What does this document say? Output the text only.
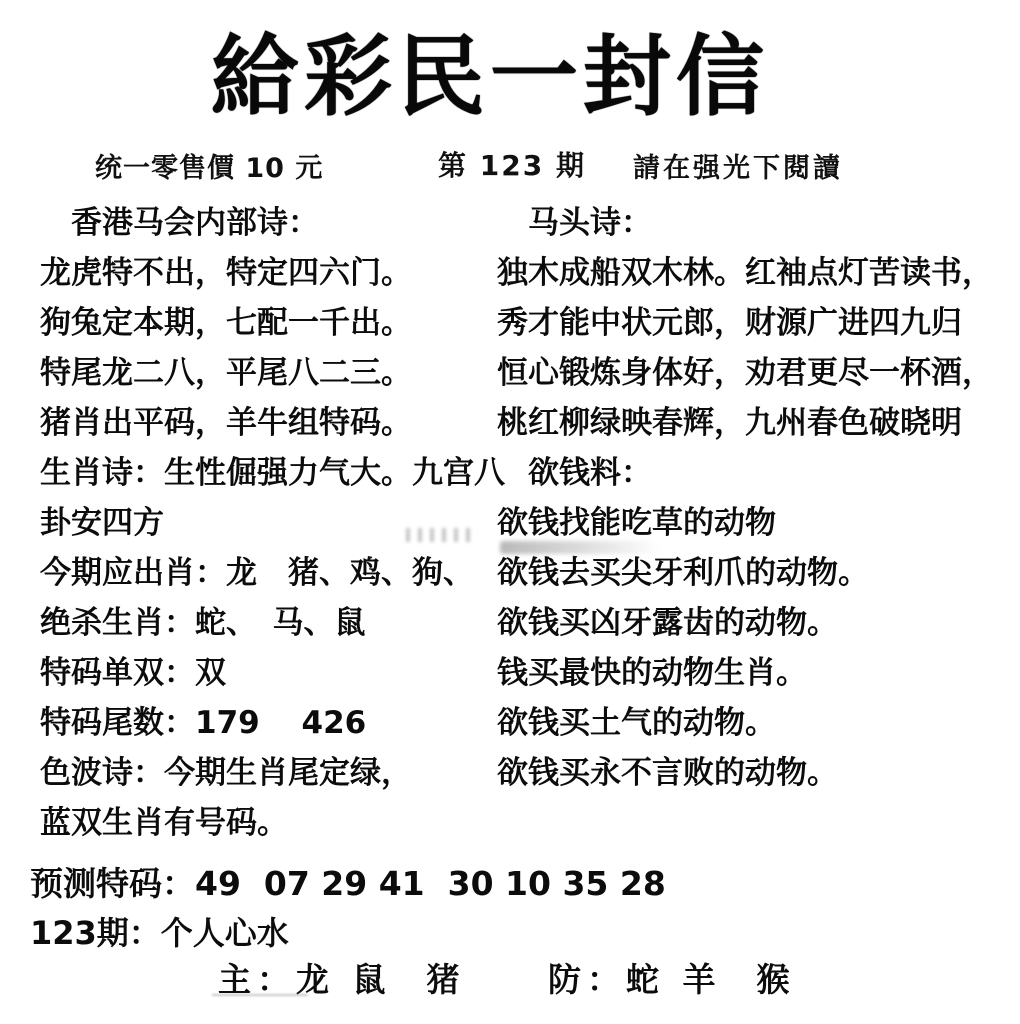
給彩民一封信
统一零售價 10 元	第 123 期 請在强光下閱讀
香港马会内部诗：
龙虎特不出，特定四六门。
狗兔定本期，七配一千出。
特尾龙二八，平尾八二三。
猪肖出平码，羊牛组特码。
生肖诗：生性倔强力气大。九宫八
卦安四方
今期应出肖：龙　猪、鸡、狗、
绝杀生肖：蛇、　马、鼠
特码单双：双
特码尾数：179　 426
色波诗：今期生肖尾定绿，
蓝双生肖有号码。
马头诗：
独木成船双木林。红袖点灯苦读书，
秀才能中状元郎，财源广进四九归
恒心锻炼身体好，劝君更尽一杯酒，
桃红柳绿映春辉，九州春色破晓明
欲钱料：
欲钱找能吃草的动物
欲钱去买尖牙利爪的动物。
欲钱买凶牙露齿的动物。
钱买最快的动物生肖。
欲钱买土气的动物。
欲钱买永不言败的动物。
预测特码：49  07 29 41  30 10 35 28
123期：个人心水
主：龙 鼠  猪	防：蛇 羊  猴
